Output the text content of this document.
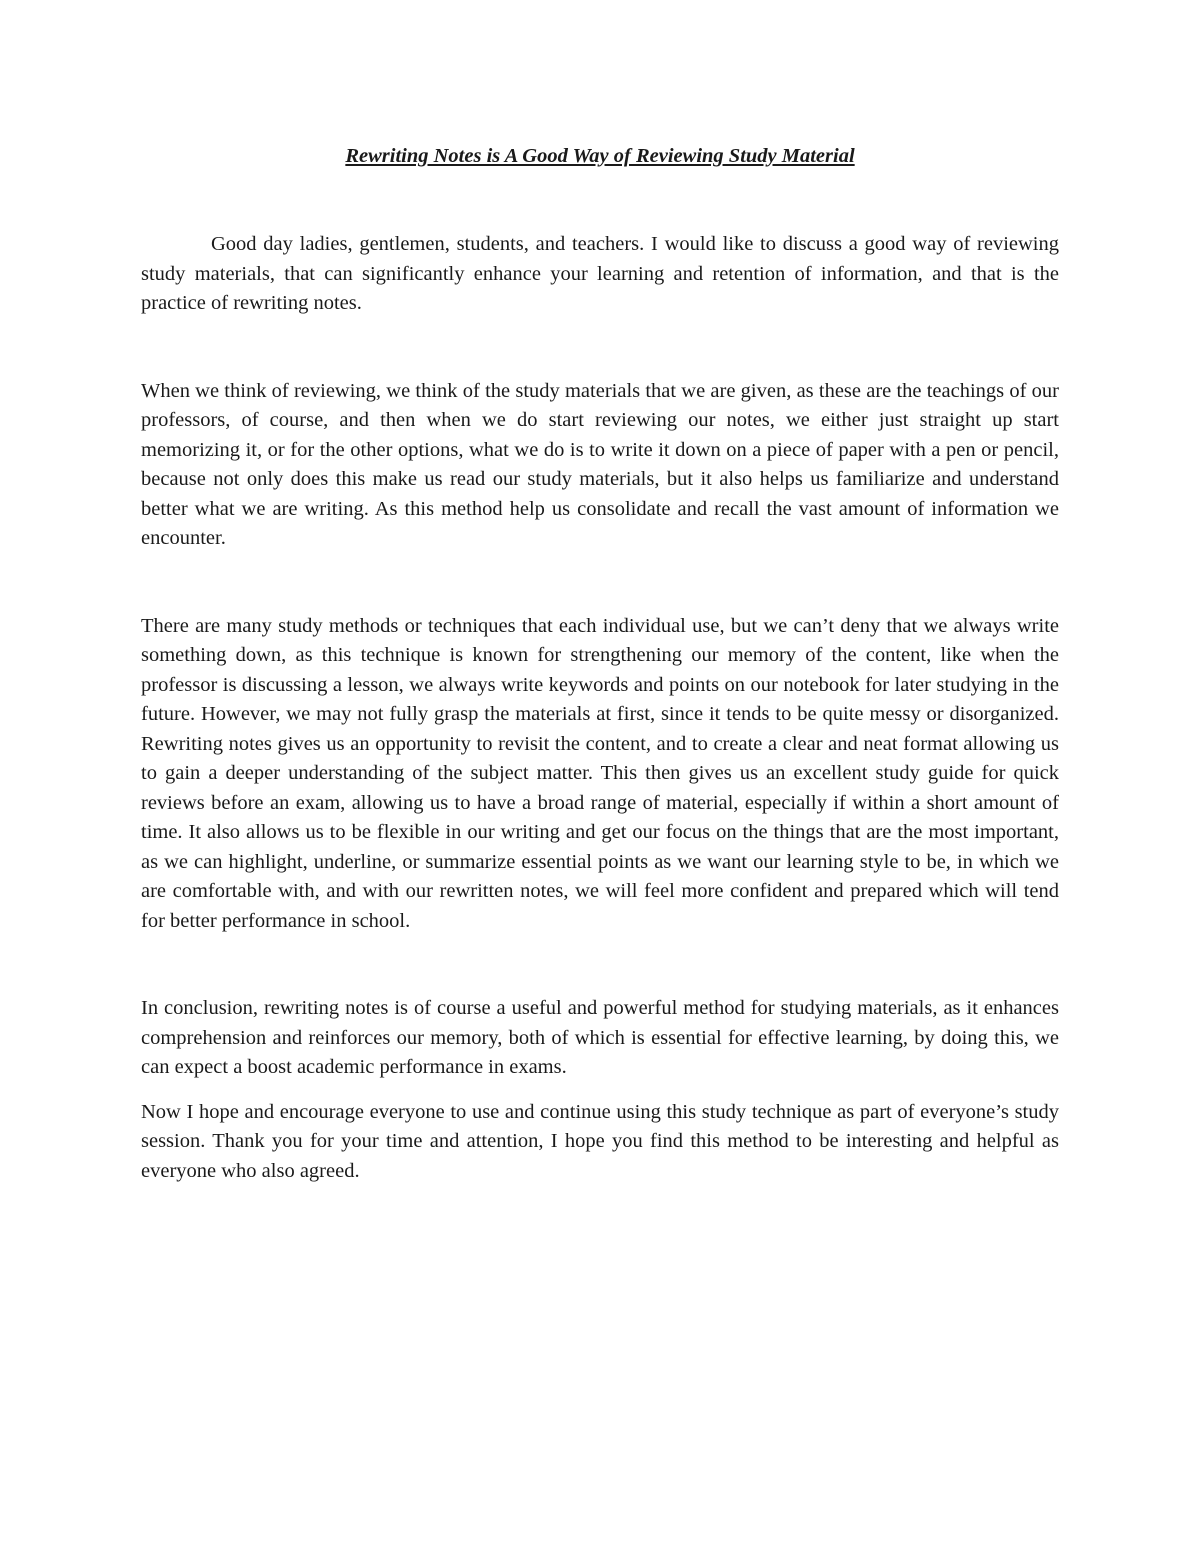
Rewriting Notes is A Good Way of Reviewing Study Material

Good day ladies, gentlemen, students, and teachers. I would like to discuss a good way of reviewing study materials, that can significantly enhance your learning and retention of information, and that is the practice of rewriting notes.

When we think of reviewing, we think of the study materials that we are given, as these are the teachings of our professors, of course, and then when we do start reviewing our notes, we either just straight up start memorizing it, or for the other options, what we do is to write it down on a piece of paper with a pen or pencil, because not only does this make us read our study materials, but it also helps us familiarize and understand better what we are writing. As this method help us consolidate and recall the vast amount of information we encounter.

There are many study methods or techniques that each individual use, but we can’t deny that we always write something down, as this technique is known for strengthening our memory of the content, like when the professor is discussing a lesson, we always write keywords and points on our notebook for later studying in the future. However, we may not fully grasp the materials at first, since it tends to be quite messy or disorganized. Rewriting notes gives us an opportunity to revisit the content, and to create a clear and neat format allowing us to gain a deeper understanding of the subject matter. This then gives us an excellent study guide for quick reviews before an exam, allowing us to have a broad range of material, especially if within a short amount of time. It also allows us to be flexible in our writing and get our focus on the things that are the most important, as we can highlight, underline, or summarize essential points as we want our learning style to be, in which we are comfortable with, and with our rewritten notes, we will feel more confident and prepared which will tend for better performance in school.

In conclusion, rewriting notes is of course a useful and powerful method for studying materials, as it enhances comprehension and reinforces our memory, both of which is essential for effective learning, by doing this, we can expect a boost academic performance in exams.

Now I hope and encourage everyone to use and continue using this study technique as part of everyone’s study session. Thank you for your time and attention, I hope you find this method to be interesting and helpful as everyone who also agreed.
